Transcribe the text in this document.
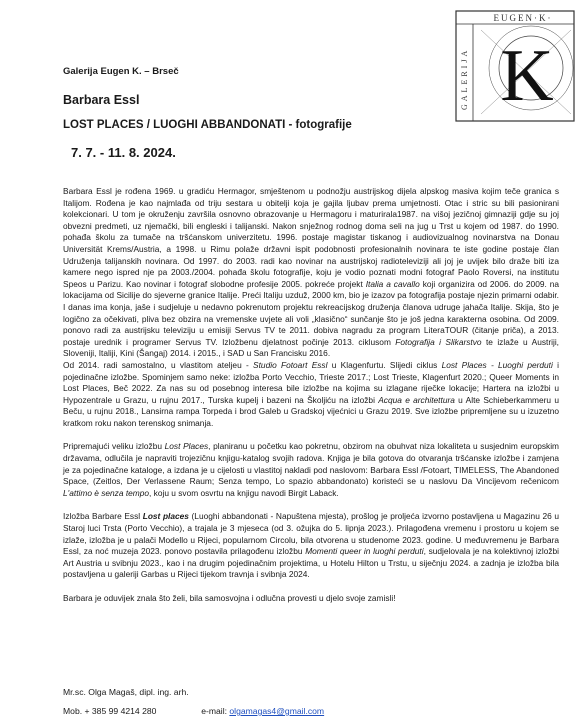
EUGEN·K·
GALERIJA K
Galerija Eugen K. – Brseč
Barbara Essl
LOST PLACES / LUOGHI ABBANDONATI - fotografije
7. 7. - 11. 8. 2024.

Barbara Essl je rođena 1969. u gradiću Hermagor, smještenom u podnožju austrijskog dijela alpskog masiva kojim teče granica s Italijom. Rođena je kao najmlađa od triju sestara u obitelji koja je gajila ljubav prema umjetnosti. Otac i stric su bili pasionirani kolekcionari. U tom je okruženju završila osnovno obrazovanje u Hermagoru i maturirala1987. na višoj jezičnoj gimnaziji gdje su joj obvezni predmeti, uz njemački, bili engleski i talijanski. Nakon snježnog rodnog doma seli na jug u Trst u kojem od 1987. do 1990. pohađa školu za tumače na tršćanskom univerzitetu. 1996. postaje magistar tiskanog i audiovizualnog novinarstva na Donau Universität Krems/Austria, a 1998. u Rimu polaže državni ispit podobnosti profesionalnih novinara te iste godine postaje član Udruženja talijanskih novinara. Od 1997. do 2003. radi kao novinar na austrijskoj radioteleviziji ali joj je uvijek bilo draže biti iza kamere nego ispred nje pa 2003./2004. pohađa školu fotografije, koju je vodio poznati modni fotograf Paolo Roversi, na institutu Speos u Parizu. Kao novinar i fotograf slobodne profesije 2005. pokreće projekt Italia a cavallo koji organizira od 2006. do 2009. na lokacijama od Sicilije do sjeverne granice Italije. Preći Italiju uzduž, 2000 km, bio je izazov pa fotografija postaje njezin primarni odabir. I danas ima konja, jaše i sudjeluje u nedavno pokrenutom projektu rekreacijskog druženja članova udruge jahača Italije. Skija, što je logično za očekivati, pliva bez obzira na vremenske uvjete ali voli „klasično“ sunčanje što je još jedna karakterna osobina. Od 2009. ponovo radi za austrijsku televiziju u emisiji Servus TV te 2011. dobiva nagradu za program LiteraTOUR (čitanje priča), a 2013. postaje urednik i programer Servus TV. Izložbenu djelatnost počinje 2013. ciklusom Fotografija i Slikarstvo te izlaže u Austriji, Sloveniji, Italiji, Kini (Šangaj) 2014. i 2015., i SAD u San Francisku 2016.
Od 2014. radi samostalno, u vlastitom atelјeu - Studio Fotoart Essl u Klagenfurtu. Slijedi ciklus Lost Places - Luoghi perduti i pojedinačne izložbe. Spominjem samo neke: izložba Porto Vecchio, Trieste 2017.; Lost Trieste, Klagenfurt 2020.; Queer Moments in Lost Places, Beč 2022. Za nas su od posebnog interesa bile izložbe na kojima su izlagane riječke lokacije; Hartera na izložbi u Hypozentrale u Grazu, u rujnu 2017., Turska kupelj i bazeni na Školjiću na izložbi Acqua e architettura u Alte Schieberkammeru u Beču, u rujnu 2018., Lansirna rampa Torpeda i brod Galeb u Gradskoj vijećnici u Grazu 2019. Sve izložbe pripremljene su u izuzetno kratkom roku nakon terenskog snimanja.

Pripremajući veliku izložbu Lost Places, planiranu u početku kao pokretnu, obzirom na obuhvat niza lokaliteta u susjednim europskim državama, odlučila je napraviti trojezičnu knjigu-katalog svojih radova. Knjiga je bila gotova do otvaranja tršćanske izložbe i zamjena je za pojedinačne kataloge, a izdana je u cijelosti u vlastitoj nakladi pod naslovom: Barbara Essl /Fotoart, TIMELESS, The Abandoned Space, (Zeitlos, Der Verlassene Raum; Senza tempo, Lo spazio abbandonato) koristeći se u naslovu Da Vincijevom rečenicom L'attimo è senza tempo, koju u svom osvrtu na knjigu navodi Birgit Laback.

Izložba Barbare Essl Lost places (Luoghi abbandonati - Napuštena mjesta), prošlog je proljeća izvorno postavljena u Magazinu 26 u Starој luci Trsta (Porto Vecchio), a trajala je 3 mjeseca (od 3. ožujka do 5. lipnja 2023.). Prilagođena vremenu i prostoru u kojem se izlaže, izložba je u palači Modello u Rijeci, popularnom Circolu, bila otvorena u studenome 2023. godine. U međuvremenu je Barbara Essl, za noć muzeja 2023. ponovo postavila prilagođenu izložbu Momenti queer in luoghi perduti, sudjelovala je na kolektivnoj izložbi Art Austria u svibnju 2023., kao i na drugim pojedinačnim projektima, u Hotelu Hilton u Trstu, u siječnju 2024. a zadnja je izložba bila postavljena u galeriji Garbas u Rijeci tijekom travnja i svibnja 2024.

Barbara je oduvijek znala što želi, bila samosvojna i odlučna provesti u djelo svoje zamisli!

Mr.sc. Olga Magaš, dipl. ing. arh.
Mob. + 385 99 4214 280	e-mail: olgamagas4@gmail.com
